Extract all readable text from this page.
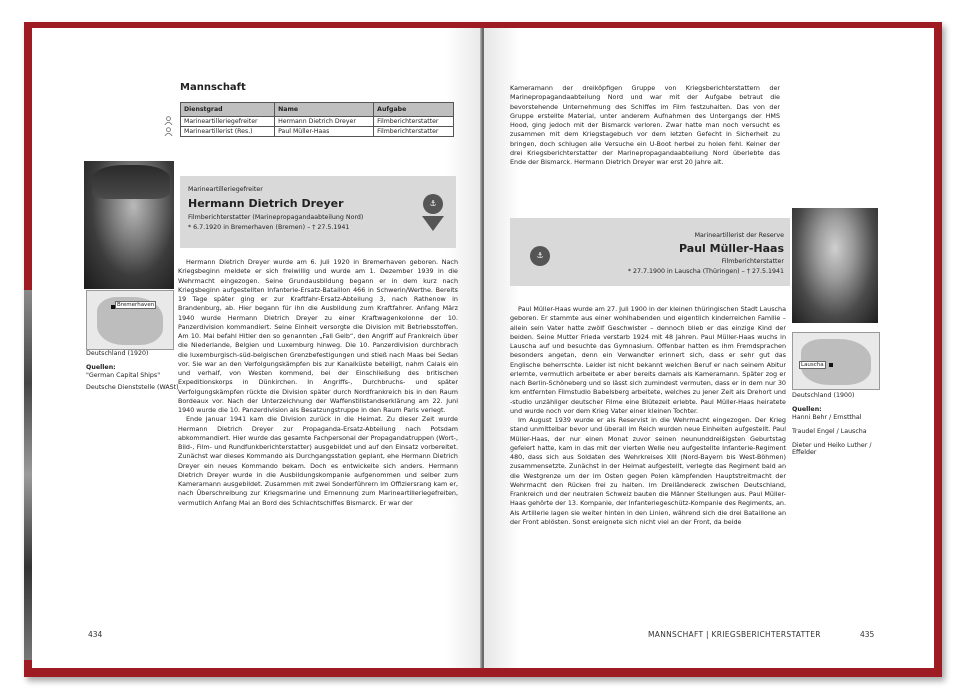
Mannschaft
Dienstgrad	Name	Aufgabe
Marineartilleriegefreiter	Hermann Dietrich Dreyer	Filmberichterstatter
Marineartillerist (Res.)	Paul Müller-Haas	Filmberichterstatter
Marineartilleriegefreiter
Hermann Dietrich Dreyer
Filmberichterstatter (Marinepropagandaabteilung Nord)
* 6.7.1920 in Bremerhaven (Bremen) – † 27.5.1941
⚓
Bremerhaven
Deutschland (1920)
Quellen:
"German Capital Ships"
Deutsche Dienststelle (WASt)

Hermann Dietrich Dreyer wurde am 6. Juli 1920 in Bremerhaven geboren. Nach Kriegsbeginn meldete er sich freiwillig und wurde am 1. Dezember 1939 in die Wehrmacht eingezogen. Seine Grundausbildung begann er in dem kurz nach Kriegsbeginn aufgestellten Infanterie-Ersatz-Bataillon 466 in Schwerin/Werthe. Bereits 19 Tage später ging er zur Kraftfahr-Ersatz-Abteilung 3, nach Rathenow in Brandenburg, ab. Hier begann für ihn die Ausbildung zum Kraftfahrer. Anfang März 1940 wurde Hermann Dietrich Dreyer zu einer Kraftwagenkolonne der 10. Panzerdivision kommandiert. Seine Einheit versorgte die Division mit Betriebsstoffen. Am 10. Mai befahl Hitler den so genannten „Fall Gelb“, den Angriff auf Frankreich über die Niederlande, Belgien und Luxemburg hinweg. Die 10. Panzerdivision durchbrach die luxemburgisch-süd-belgischen Grenzbefestigungen und stieß nach Maas bei Sedan vor. Sie war an den Verfolgungskämpfen bis zur Kanalküste beteiligt, nahm Calais ein und verhalf, von Westen kommend, bei der Einschließung des britischen Expeditionskorps in Dünkirchen. In Angriffs-, Durchbruchs- und später Verfolgungskämpfen rückte die Division später durch Nordfrankreich bis in den Raum Bordeaux vor. Nach der Unterzeichnung der Waffenstillstandserklärung am 22. Juni 1940 wurde die 10. Panzerdivision als Besatzungstruppe in den Raum Paris verlegt.

Ende Januar 1941 kam die Division zurück in die Heimat. Zu dieser Zeit wurde Hermann Dietrich Dreyer zur Propaganda-Ersatz-Abteilung nach Potsdam abkommandiert. Hier wurde das gesamte Fachpersonal der Propagandatruppen (Wort-, Bild-, Film- und Rundfunkberichterstatter) ausgebildet und auf den Einsatz vorbereitet. Zunächst war dieses Kommando als Durchgangsstation geplant, ehe Hermann Dietrich Dreyer ein neues Kommando bekam. Doch es entwickelte sich anders. Hermann Dietrich Dreyer wurde in die Ausbildungskompanie aufgenommen und selber zum Kameramann ausgebildet. Zusammen mit zwei Sonderführern im Offiziersrang kam er, nach Überschreibung zur Kriegsmarine und Ernennung zum Marineartilleriegefreiten, vermutlich Anfang Mai an Bord des Schlachtschiffes Bismarck. Er war der

434

Kameramann der dreiköpfigen Gruppe von Kriegsberichterstattern der Marinepropagandaabteilung Nord und war mit der Aufgabe betraut die bevorstehende Unternehmung des Schiffes im Film festzuhalten. Das von der Gruppe erstellte Material, unter anderem Aufnahmen des Untergangs der HMS Hood, ging jedoch mit der Bismarck verloren. Zwar hatte man noch versucht es zusammen mit dem Kriegstagebuch vor dem letzten Gefecht in Sicherheit zu bringen, doch schlugen alle Versuche ein U-Boot herbei zu holen fehl. Keiner der drei Kriegsberichterstatter der Marinepropagandaabteilung Nord überlebte das Ende der Bismarck. Hermann Dietrich Dreyer war erst 20 Jahre alt.

⚓
Marineartillerist der Reserve
Paul Müller-Haas
Filmberichterstatter
* 27.7.1900 in Lauscha (Thüringen) – † 27.5.1941
Lauscha
Deutschland (1900)
Quellen:
Hanni Behr / Ernstthal
Traudel Engel / Lauscha
Dieter und Heiko Luther / Effelder

Paul Müller-Haas wurde am 27. Juli 1900 in der kleinen thüringischen Stadt Lauscha geboren. Er stammte aus einer wohlhabenden und eigentlich kinderreichen Familie – allein sein Vater hatte zwölf Geschwister – dennoch blieb er das einzige Kind der beiden. Seine Mutter Frieda verstarb 1924 mit 48 Jahren. Paul Müller-Haas wuchs in Lauscha auf und besuchte das Gymnasium. Offenbar hatten es ihm Fremdsprachen besonders angetan, denn ein Verwandter erinnert sich, dass er sehr gut das Englische beherrschte. Leider ist nicht bekannt welchen Beruf er nach seinem Abitur erlernte, vermutlich arbeitete er aber bereits damals als Kameramann. Später zog er nach Berlin-Schöneberg und so lässt sich zumindest vermuten, dass er in dem nur 30 km entfernten Filmstudio Babelsberg arbeitete, welches zu jener Zeit als Drehort und -studio unzähliger deutscher Filme eine Blütezeit erlebte. Paul Müller-Haas heiratete und wurde noch vor dem Krieg Vater einer kleinen Tochter.

Im August 1939 wurde er als Reservist in die Wehrmacht eingezogen. Der Krieg stand unmittelbar bevor und überall im Reich wurden neue Einheiten aufgestellt. Paul Müller-Haas, der nur einen Monat zuvor seinen neununddreißigsten Geburtstag gefeiert hatte, kam in das mit der vierten Welle neu aufgestellte Infanterie-Regiment 480, dass sich aus Soldaten des Wehrkreises XIII (Nord-Bayern bis West-Böhmen) zusammensetzte. Zunächst in der Heimat aufgestellt, verlegte das Regiment bald an die Westgrenze um der im Osten gegen Polen kämpfenden Hauptstreitmacht der Wehrmacht den Rücken frei zu halten. Im Dreiländereck zwischen Deutschland, Frankreich und der neutralen Schweiz bauten die Männer Stellungen aus. Paul Müller-Haas gehörte der 13. Kompanie, der Infanteriegeschütz-Kompanie des Regiments, an. Als Artillerie lagen sie weiter hinten in den Linien, während sich die drei Bataillone an der Front ablösten. Sonst ereignete sich nicht viel an der Front, da beide

MANNSCHAFT | KRIEGSBERICHTERSTATTER	435
